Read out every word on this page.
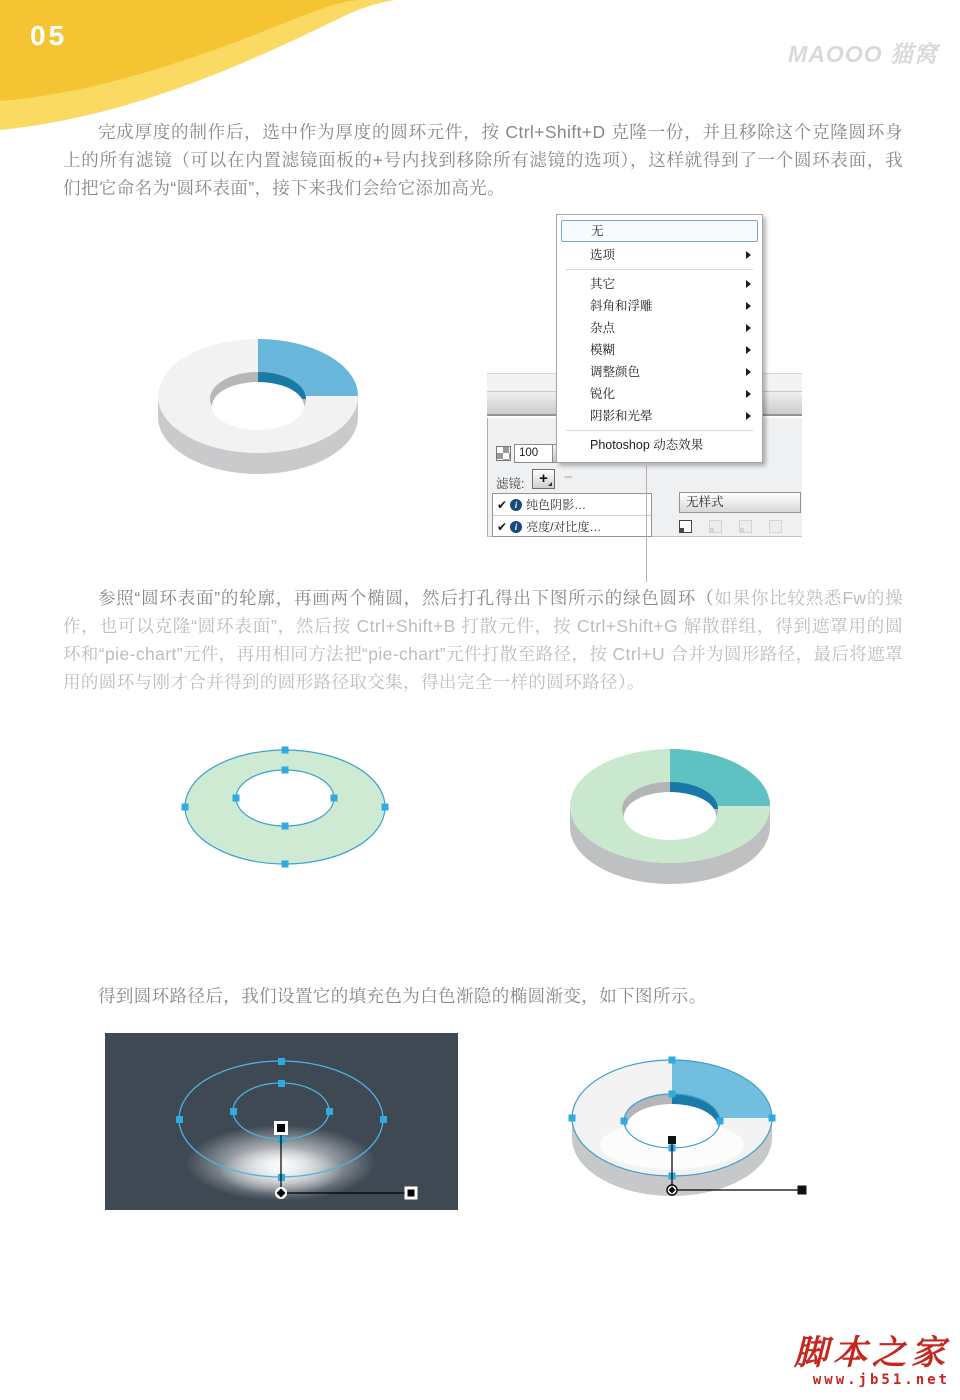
05
MAOOO 猫窝

完成厚度的制作后，选中作为厚度的圆环元件，按 Ctrl+Shift+D 克隆一份，并且移除这个克隆圆环身上的所有滤镜（可以在内置滤镜面板的+号内找到移除所有滤镜的选项），这样就得到了一个圆环表面，我们把它命名为“圆环表面”，接下来我们会给它添加高光。

100
滤镜: +	−
✔ i 纯色阴影…
✔ i 亮度/对比度…
无样式
无
选项
其它
斜角和浮雕
杂点
模糊
调整颜色
锐化
阴影和光晕
Photoshop 动态效果

参照“圆环表面”的轮廓，再画两个椭圆，然后打孔得出下图所示的绿色圆环（如果你比较熟悉Fw的操作，也可以克隆“圆环表面”，然后按 Ctrl+Shift+B 打散元件，按 Ctrl+Shift+G 解散群组，得到遮罩用的圆环和“pie-chart”元件，再用相同方法把“pie-chart”元件打散至路径，按 Ctrl+U 合并为圆形路径，最后将遮罩用的圆环与刚才合并得到的圆形路径取交集，得出完全一样的圆环路径）。

得到圆环路径后，我们设置它的填充色为白色渐隐的椭圆渐变，如下图所示。

脚本之家
www.jb51.net
